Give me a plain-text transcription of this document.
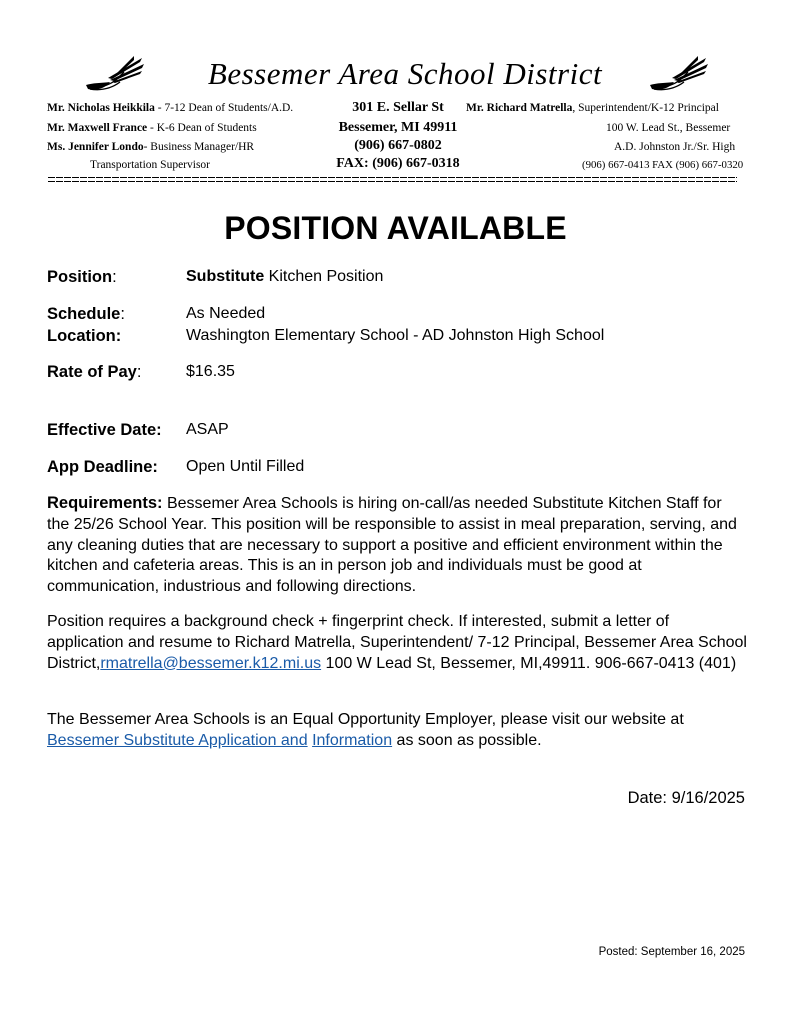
Bessemer Area School District
Mr. Nicholas Heikkila - 7-12 Dean of Students/A.D.
Mr. Maxwell France - K-6 Dean of Students
Ms. Jennifer Londo- Business Manager/HR
Transportation Supervisor
301 E. Sellar St
Bessemer, MI 49911
(906) 667-0802
FAX: (906) 667-0318
Mr. Richard Matrella, Superintendent/K-12 Principal
100 W. Lead St., Bessemer
A.D. Johnston Jr./Sr. High
(906) 667-0413 FAX (906) 667-0320
POSITION AVAILABLE
Position:	Substitute Kitchen Position
Schedule:	As Needed
Location:	Washington Elementary School - AD Johnston High School
Rate of Pay:	$16.35
Effective Date: ASAP
App Deadline: Open Until Filled
Requirements: Bessemer Area Schools is hiring on-call/as needed Substitute Kitchen Staff for the 25/26 School Year. This position will be responsible to assist in meal preparation, serving, and any cleaning duties that are necessary to support a positive and efficient environment within the kitchen and cafeteria areas. This is an in person job and individuals must be good at communication, industrious and following directions.
Position requires a background check + fingerprint check. If interested, submit a letter of application and resume to Richard Matrella, Superintendent/ 7-12 Principal, Bessemer Area School District,rmatrella@bessemer.k12.mi.us 100 W Lead St, Bessemer, MI,49911. 906-667-0413 (401)
The Bessemer Area Schools is an Equal Opportunity Employer, please visit our website at Bessemer Substitute Application and Information as soon as possible.
Date: 9/16/2025
Posted: September 16, 2025
